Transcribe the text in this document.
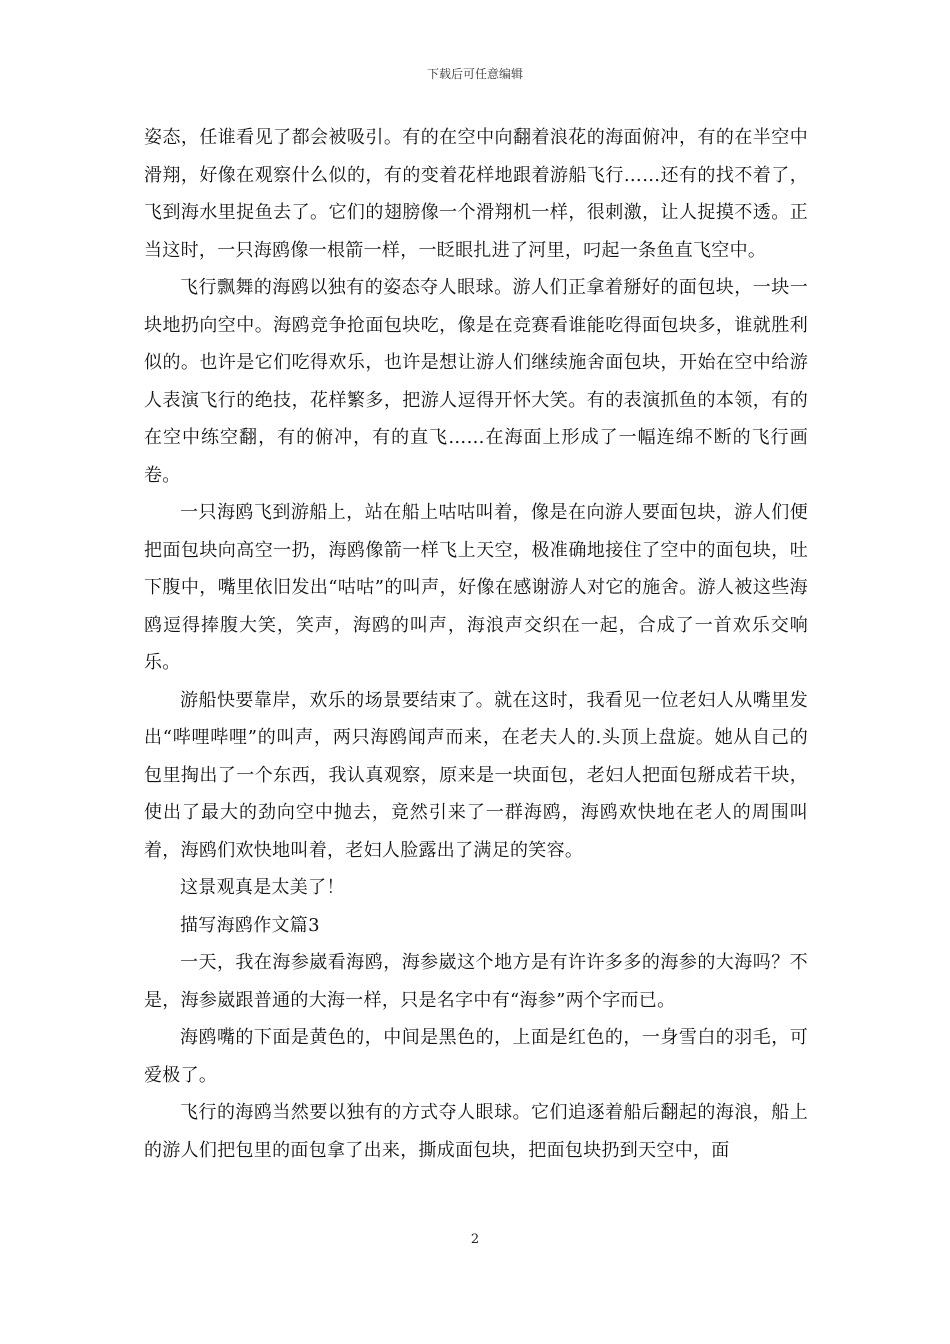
下载后可任意编辑

姿态，任谁看见了都会被吸引。有的在空中向翻着浪花的海面俯冲，有的在半空中滑翔，好像在观察什么似的，有的变着花样地跟着游船飞行……还有的找不着了，飞到海水里捉鱼去了。它们的翅膀像一个滑翔机一样，很刺激，让人捉摸不透。正当这时，一只海鸥像一根箭一样，一眨眼扎进了河里，叼起一条鱼直飞空中。

飞行飘舞的海鸥以独有的姿态夺人眼球。游人们正拿着掰好的面包块，一块一块地扔向空中。海鸥竞争抢面包块吃，像是在竞赛看谁能吃得面包块多，谁就胜利似的。也许是它们吃得欢乐，也许是想让游人们继续施舍面包块，开始在空中给游人表演飞行的绝技，花样繁多，把游人逗得开怀大笑。有的表演抓鱼的本领，有的在空中练空翻，有的俯冲，有的直飞……在海面上形成了一幅连绵不断的飞行画卷。

一只海鸥飞到游船上，站在船上咕咕叫着，像是在向游人要面包块，游人们便把面包块向高空一扔，海鸥像箭一样飞上天空，极准确地接住了空中的面包块，吐下腹中，嘴里依旧发出“咕咕”的叫声，好像在感谢游人对它的施舍。游人被这些海鸥逗得捧腹大笑，笑声，海鸥的叫声，海浪声交织在一起，合成了一首欢乐交响乐。

游船快要靠岸，欢乐的场景要结束了。就在这时，我看见一位老妇人从嘴里发出“哔哩哔哩”的叫声，两只海鸥闻声而来，在老夫人的.头顶上盘旋。她从自己的包里掏出了一个东西，我认真观察，原来是一块面包，老妇人把面包掰成若干块，使出了最大的劲向空中抛去，竟然引来了一群海鸥，海鸥欢快地在老人的周围叫着，海鸥们欢快地叫着，老妇人脸露出了满足的笑容。

这景观真是太美了！

描写海鸥作文篇3

一天，我在海参崴看海鸥，海参崴这个地方是有许许多多的海参的大海吗？不是，海参崴跟普通的大海一样，只是名字中有“海参”两个字而已。

海鸥嘴的下面是黄色的，中间是黑色的，上面是红色的，一身雪白的羽毛，可爱极了。

飞行的海鸥当然要以独有的方式夺人眼球。它们追逐着船后翻起的海浪，船上的游人们把包里的面包拿了出来，撕成面包块，把面包块扔到天空中，面

2
